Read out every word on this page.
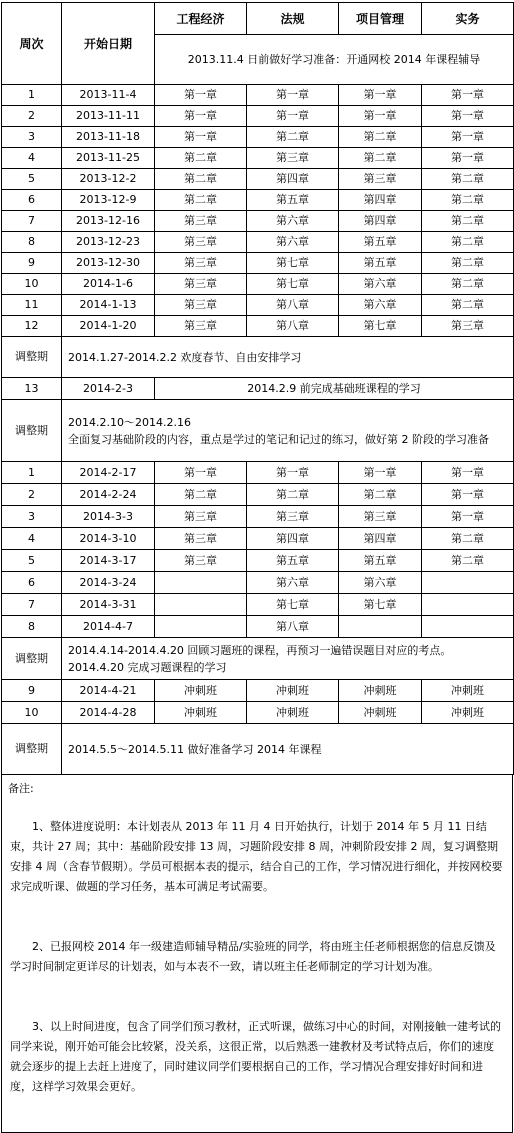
周次	开始日期	工程经济	法规	项目管理	实务
		2013.11.4 日前做好学习准备：开通网校 2014 年课程辅导			
1	2013-11-4	第一章	第一章	第一章	第一章
2	2013-11-11	第一章	第一章	第一章	第一章
3	2013-11-18	第一章	第二章	第二章	第一章
4	2013-11-25	第二章	第三章	第二章	第一章
5	2013-12-2	第二章	第四章	第三章	第二章
6	2013-12-9	第二章	第五章	第四章	第二章
7	2013-12-16	第三章	第六章	第四章	第二章
8	2013-12-23	第三章	第六章	第五章	第二章
9	2013-12-30	第三章	第七章	第五章	第二章
10	2014-1-6	第三章	第七章	第六章	第二章
11	2014-1-13	第三章	第八章	第六章	第二章
12	2014-1-20	第三章	第八章	第七章	第三章
调整期	2014.1.27-2014.2.2 欢度春节、自由安排学习				
13	2014-2-3	2014.2.9 前完成基础班课程的学习			
调整期	2014.2.10～2014.2.16
全面复习基础阶段的内容，重点是学过的笔记和记过的练习，做好第 2 阶段的学习准备				

1	2014-2-17	第一章	第一章	第一章	第一章
2	2014-2-24	第二章	第二章	第二章	第一章
3	2014-3-3	第三章	第三章	第三章	第一章
4	2014-3-10	第三章	第四章	第四章	第二章
5	2014-3-17	第三章	第五章	第五章	第二章
6	2014-3-24		第六章	第六章	
7	2014-3-31		第七章	第七章	
8	2014-4-7		第八章		
调整期	2014.4.14-2014.4.20 回顾习题班的课程，再预习一遍错误题目对应的考点。
2014.4.20 完成习题课程的学习				

9	2014-4-21	冲刺班	冲刺班	冲刺班	冲刺班
10	2014-4-28	冲刺班	冲刺班	冲刺班	冲刺班
调整期	2014.5.5～2014.5.11 做好准备学习 2014 年课程				
备注:
1、整体进度说明：本计划表从 2013 年 11 月 4 日开始执行，计划于 2014 年 5 月 11 日结束，共计 27 周；其中：基础阶段安排 13 周，习题阶段安排 8 周，冲刺阶段安排 2 周，复习调整期安排 4 周（含春节假期）。学员可根据本表的提示，结合自己的工作，学习情况进行细化，并按网校要求完成听课、做题的学习任务，基本可满足考试需要。
2、已报网校 2014 年一级建造师辅导精品/实验班的同学，将由班主任老师根据您的信息反馈及学习时间制定更详尽的计划表，如与本表不一致，请以班主任老师制定的学习计划为准。
3、以上时间进度，包含了同学们预习教材，正式听课，做练习中心的时间，对刚接触一建考试的同学来说，刚开始可能会比较紧，没关系，这很正常，以后熟悉一建教材及考试特点后，你们的速度就会逐步的提上去赶上进度了，同时建议同学们要根据自己的工作，学习情况合理安排好时间和进度，这样学习效果会更好。
